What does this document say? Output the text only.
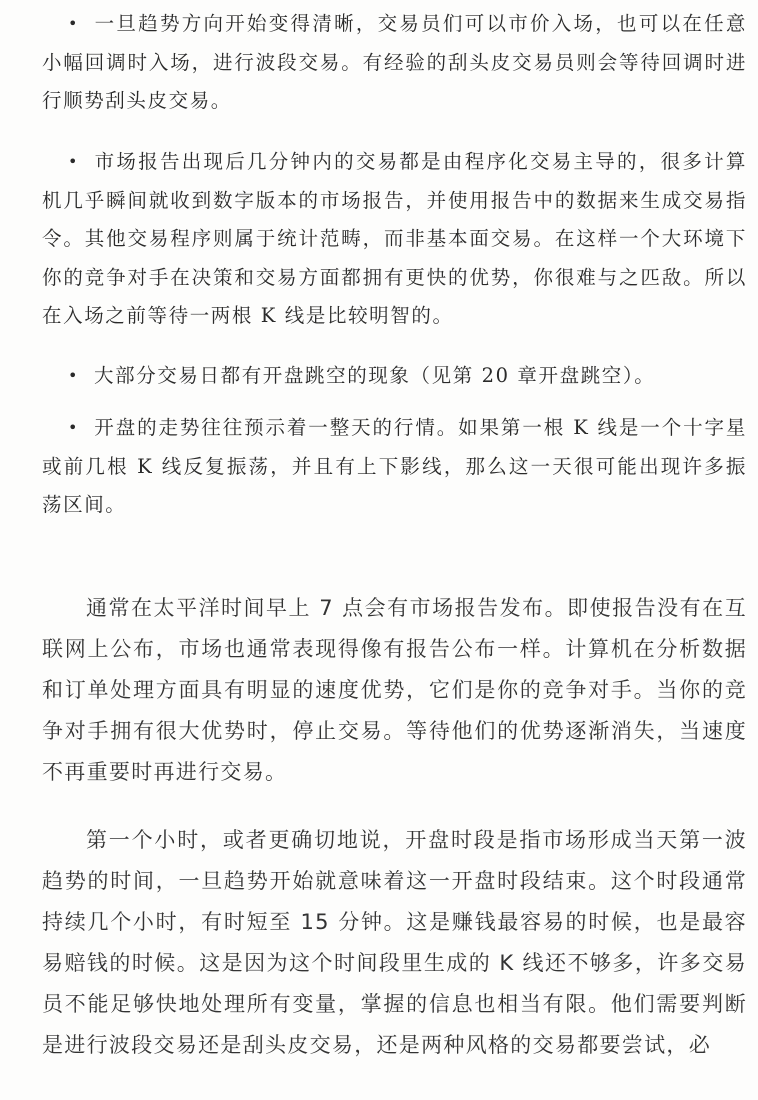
• 一旦趋势方向开始变得清晰，交易员们可以市价入场，也可以在任意小幅回调时入场，进行波段交易。有经验的刮头皮交易员则会等待回调时进行顺势刮头皮交易。

• 市场报告出现后几分钟内的交易都是由程序化交易主导的，很多计算机几乎瞬间就收到数字版本的市场报告，并使用报告中的数据来生成交易指令。其他交易程序则属于统计范畴，而非基本面交易。在这样一个大环境下你的竞争对手在决策和交易方面都拥有更快的优势，你很难与之匹敌。所以在入场之前等待一两根 K 线是比较明智的。

• 大部分交易日都有开盘跳空的现象（见第 20 章开盘跳空）。

• 开盘的走势往往预示着一整天的行情。如果第一根 K 线是一个十字星或前几根 K 线反复振荡，并且有上下影线，那么这一天很可能出现许多振荡区间。

通常在太平洋时间早上 7 点会有市场报告发布。即使报告没有在互联网上公布，市场也通常表现得像有报告公布一样。计算机在分析数据和订单处理方面具有明显的速度优势，它们是你的竞争对手。当你的竞争对手拥有很大优势时，停止交易。等待他们的优势逐渐消失，当速度不再重要时再进行交易。

第一个小时，或者更确切地说，开盘时段是指市场形成当天第一波趋势的时间，一旦趋势开始就意味着这一开盘时段结束。这个时段通常持续几个小时，有时短至 15 分钟。这是赚钱最容易的时候，也是最容易赔钱的时候。这是因为这个时间段里生成的 K 线还不够多，许多交易员不能足够快地处理所有变量，掌握的信息也相当有限。他们需要判断是进行波段交易还是刮头皮交易，还是两种风格的交易都要尝试，必
